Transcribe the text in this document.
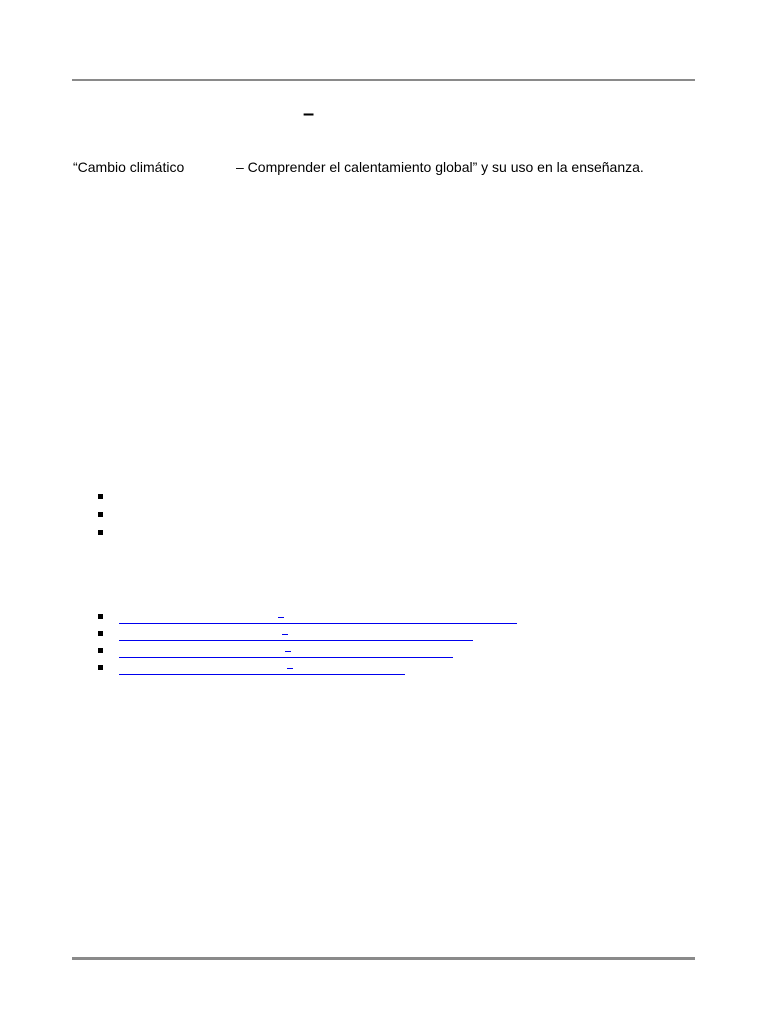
–
“Cambio climático	– Comprender el calentamiento global” y su uso en la enseñanza.
